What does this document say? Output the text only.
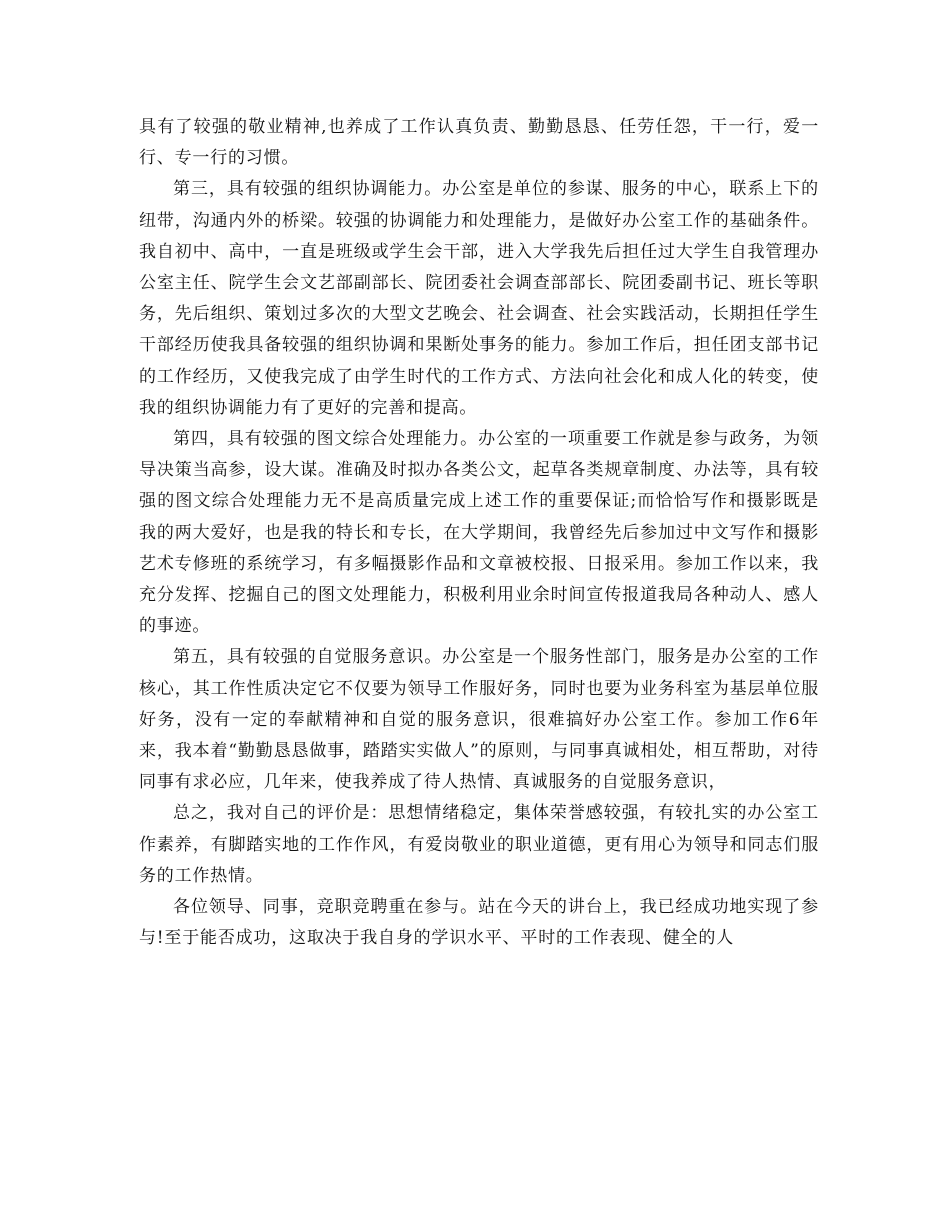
具有了较强的敬业精神,也养成了工作认真负责、勤勤恳恳、任劳任怨，干一行，爱一行、专一行的习惯。

第三，具有较强的组织协调能力。办公室是单位的参谋、服务的中心，联系上下的纽带，沟通内外的桥梁。较强的协调能力和处理能力，是做好办公室工作的基础条件。我自初中、高中，一直是班级或学生会干部，进入大学我先后担任过大学生自我管理办公室主任、院学生会文艺部副部长、院团委社会调查部部长、院团委副书记、班长等职务，先后组织、策划过多次的大型文艺晚会、社会调查、社会实践活动，长期担任学生干部经历使我具备较强的组织协调和果断处事务的能力。参加工作后，担任团支部书记的工作经历，又使我完成了由学生时代的工作方式、方法向社会化和成人化的转变，使我的组织协调能力有了更好的完善和提高。

第四，具有较强的图文综合处理能力。办公室的一项重要工作就是参与政务，为领导决策当高参，设大谋。准确及时拟办各类公文，起草各类规章制度、办法等，具有较强的图文综合处理能力无不是高质量完成上述工作的重要保证;而恰恰写作和摄影既是我的两大爱好，也是我的特长和专长，在大学期间，我曾经先后参加过中文写作和摄影艺术专修班的系统学习，有多幅摄影作品和文章被校报、日报采用。参加工作以来，我充分发挥、挖掘自己的图文处理能力，积极利用业余时间宣传报道我局各种动人、感人的事迹。

第五，具有较强的自觉服务意识。办公室是一个服务性部门，服务是办公室的工作核心，其工作性质决定它不仅要为领导工作服好务，同时也要为业务科室为基层单位服好务，没有一定的奉献精神和自觉的服务意识，很难搞好办公室工作。参加工作6年来，我本着“勤勤恳恳做事，踏踏实实做人”的原则，与同事真诚相处，相互帮助，对待同事有求必应，几年来，使我养成了待人热情、真诚服务的自觉服务意识，

总之，我对自己的评价是：思想情绪稳定，集体荣誉感较强，有较扎实的办公室工作素养，有脚踏实地的工作作风，有爱岗敬业的职业道德，更有用心为领导和同志们服务的工作热情。

各位领导、同事，竞职竞聘重在参与。站在今天的讲台上，我已经成功地实现了参与!至于能否成功，这取决于我自身的学识水平、平时的工作表现、健全的人
